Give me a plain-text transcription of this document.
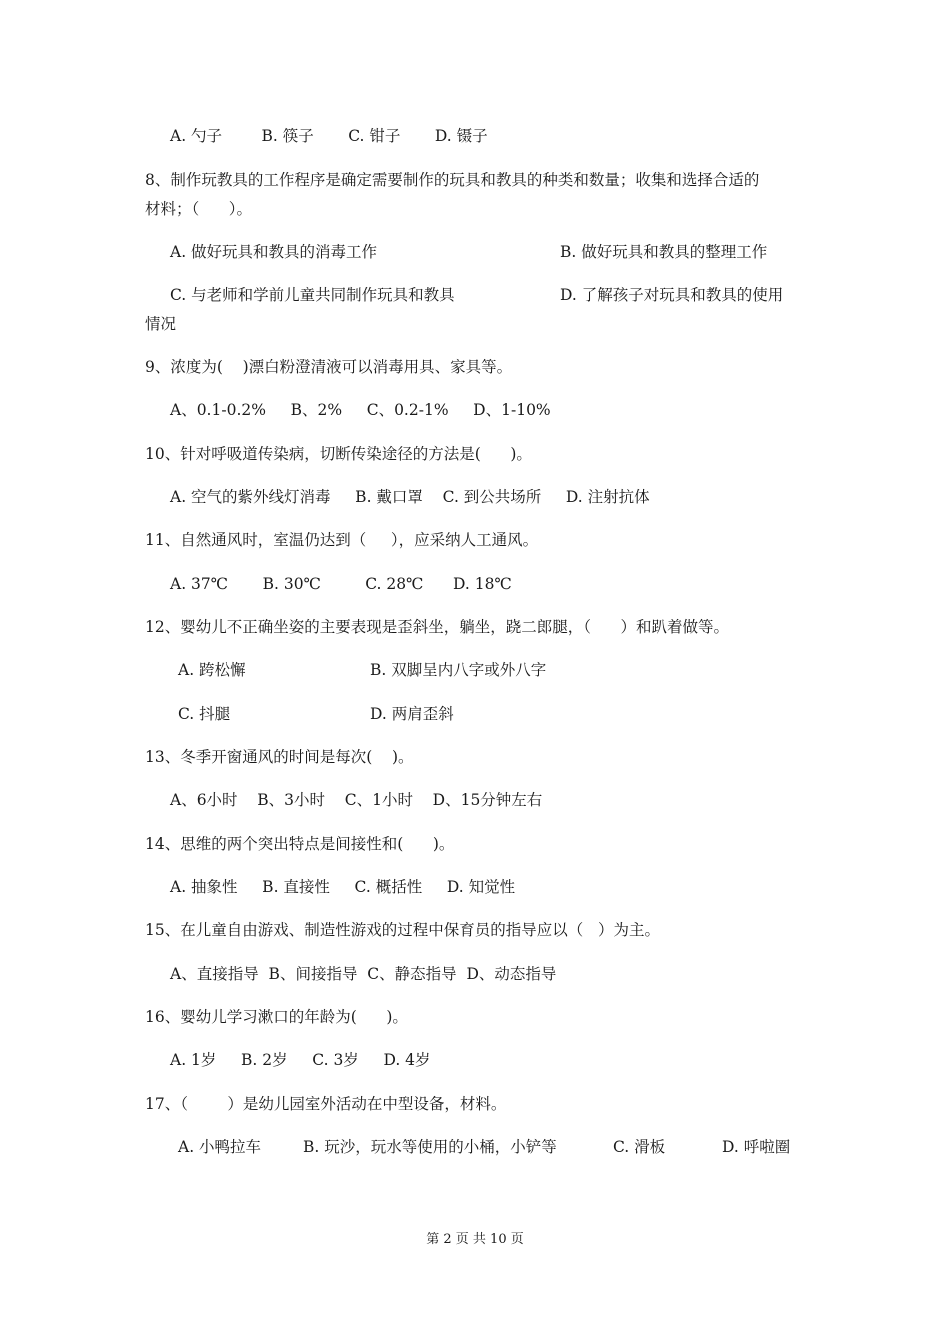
A. 勺子        B. 筷子       C. 钳子       D. 镊子
8、制作玩教具的工作程序是确定需要制作的玩具和教具的种类和数量；收集和选择合适的
材料；（      ）。
A. 做好玩具和教具的消毒工作	B. 做好玩具和教具的整理工作
C. 与老师和学前儿童共同制作玩具和教具	D. 了解孩子对玩具和教具的使用
情况
9、浓度为(    )漂白粉澄清液可以消毒用具、家具等。
A、0.1-0.2%     B、2%     C、0.2-1%     D、1-10%
10、针对呼吸道传染病，切断传染途径的方法是(      )。
A. 空气的紫外线灯消毒     B. 戴口罩    C. 到公共场所     D. 注射抗体
11、自然通风时，室温仍达到（     ），应采纳人工通风。
A. 37℃       B. 30℃         C. 28℃      D. 18℃
12、婴幼儿不正确坐姿的主要表现是歪斜坐，躺坐，跷二郎腿，（      ）和趴着做等。
A. 跨松懈	B. 双脚呈内八字或外八字
C. 抖腿	D. 两肩歪斜
13、冬季开窗通风的时间是每次(    )。
A、6小时    B、3小时    C、1小时    D、15分钟左右
14、思维的两个突出特点是间接性和(      )。
A. 抽象性     B. 直接性     C. 概括性     D. 知觉性
15、在儿童自由游戏、制造性游戏的过程中保育员的指导应以（   ）为主。
A、直接指导  B、间接指导  C、静态指导  D、动态指导
16、婴幼儿学习漱口的年龄为(      )。
A. 1岁     B. 2岁     C. 3岁     D. 4岁
17、（        ）是幼儿园室外活动在中型设备，材料。
A. 小鸭拉车	B. 玩沙，玩水等使用的小桶，小铲等	C. 滑板	D. 呼啦圈
第 2 页 共 10 页
